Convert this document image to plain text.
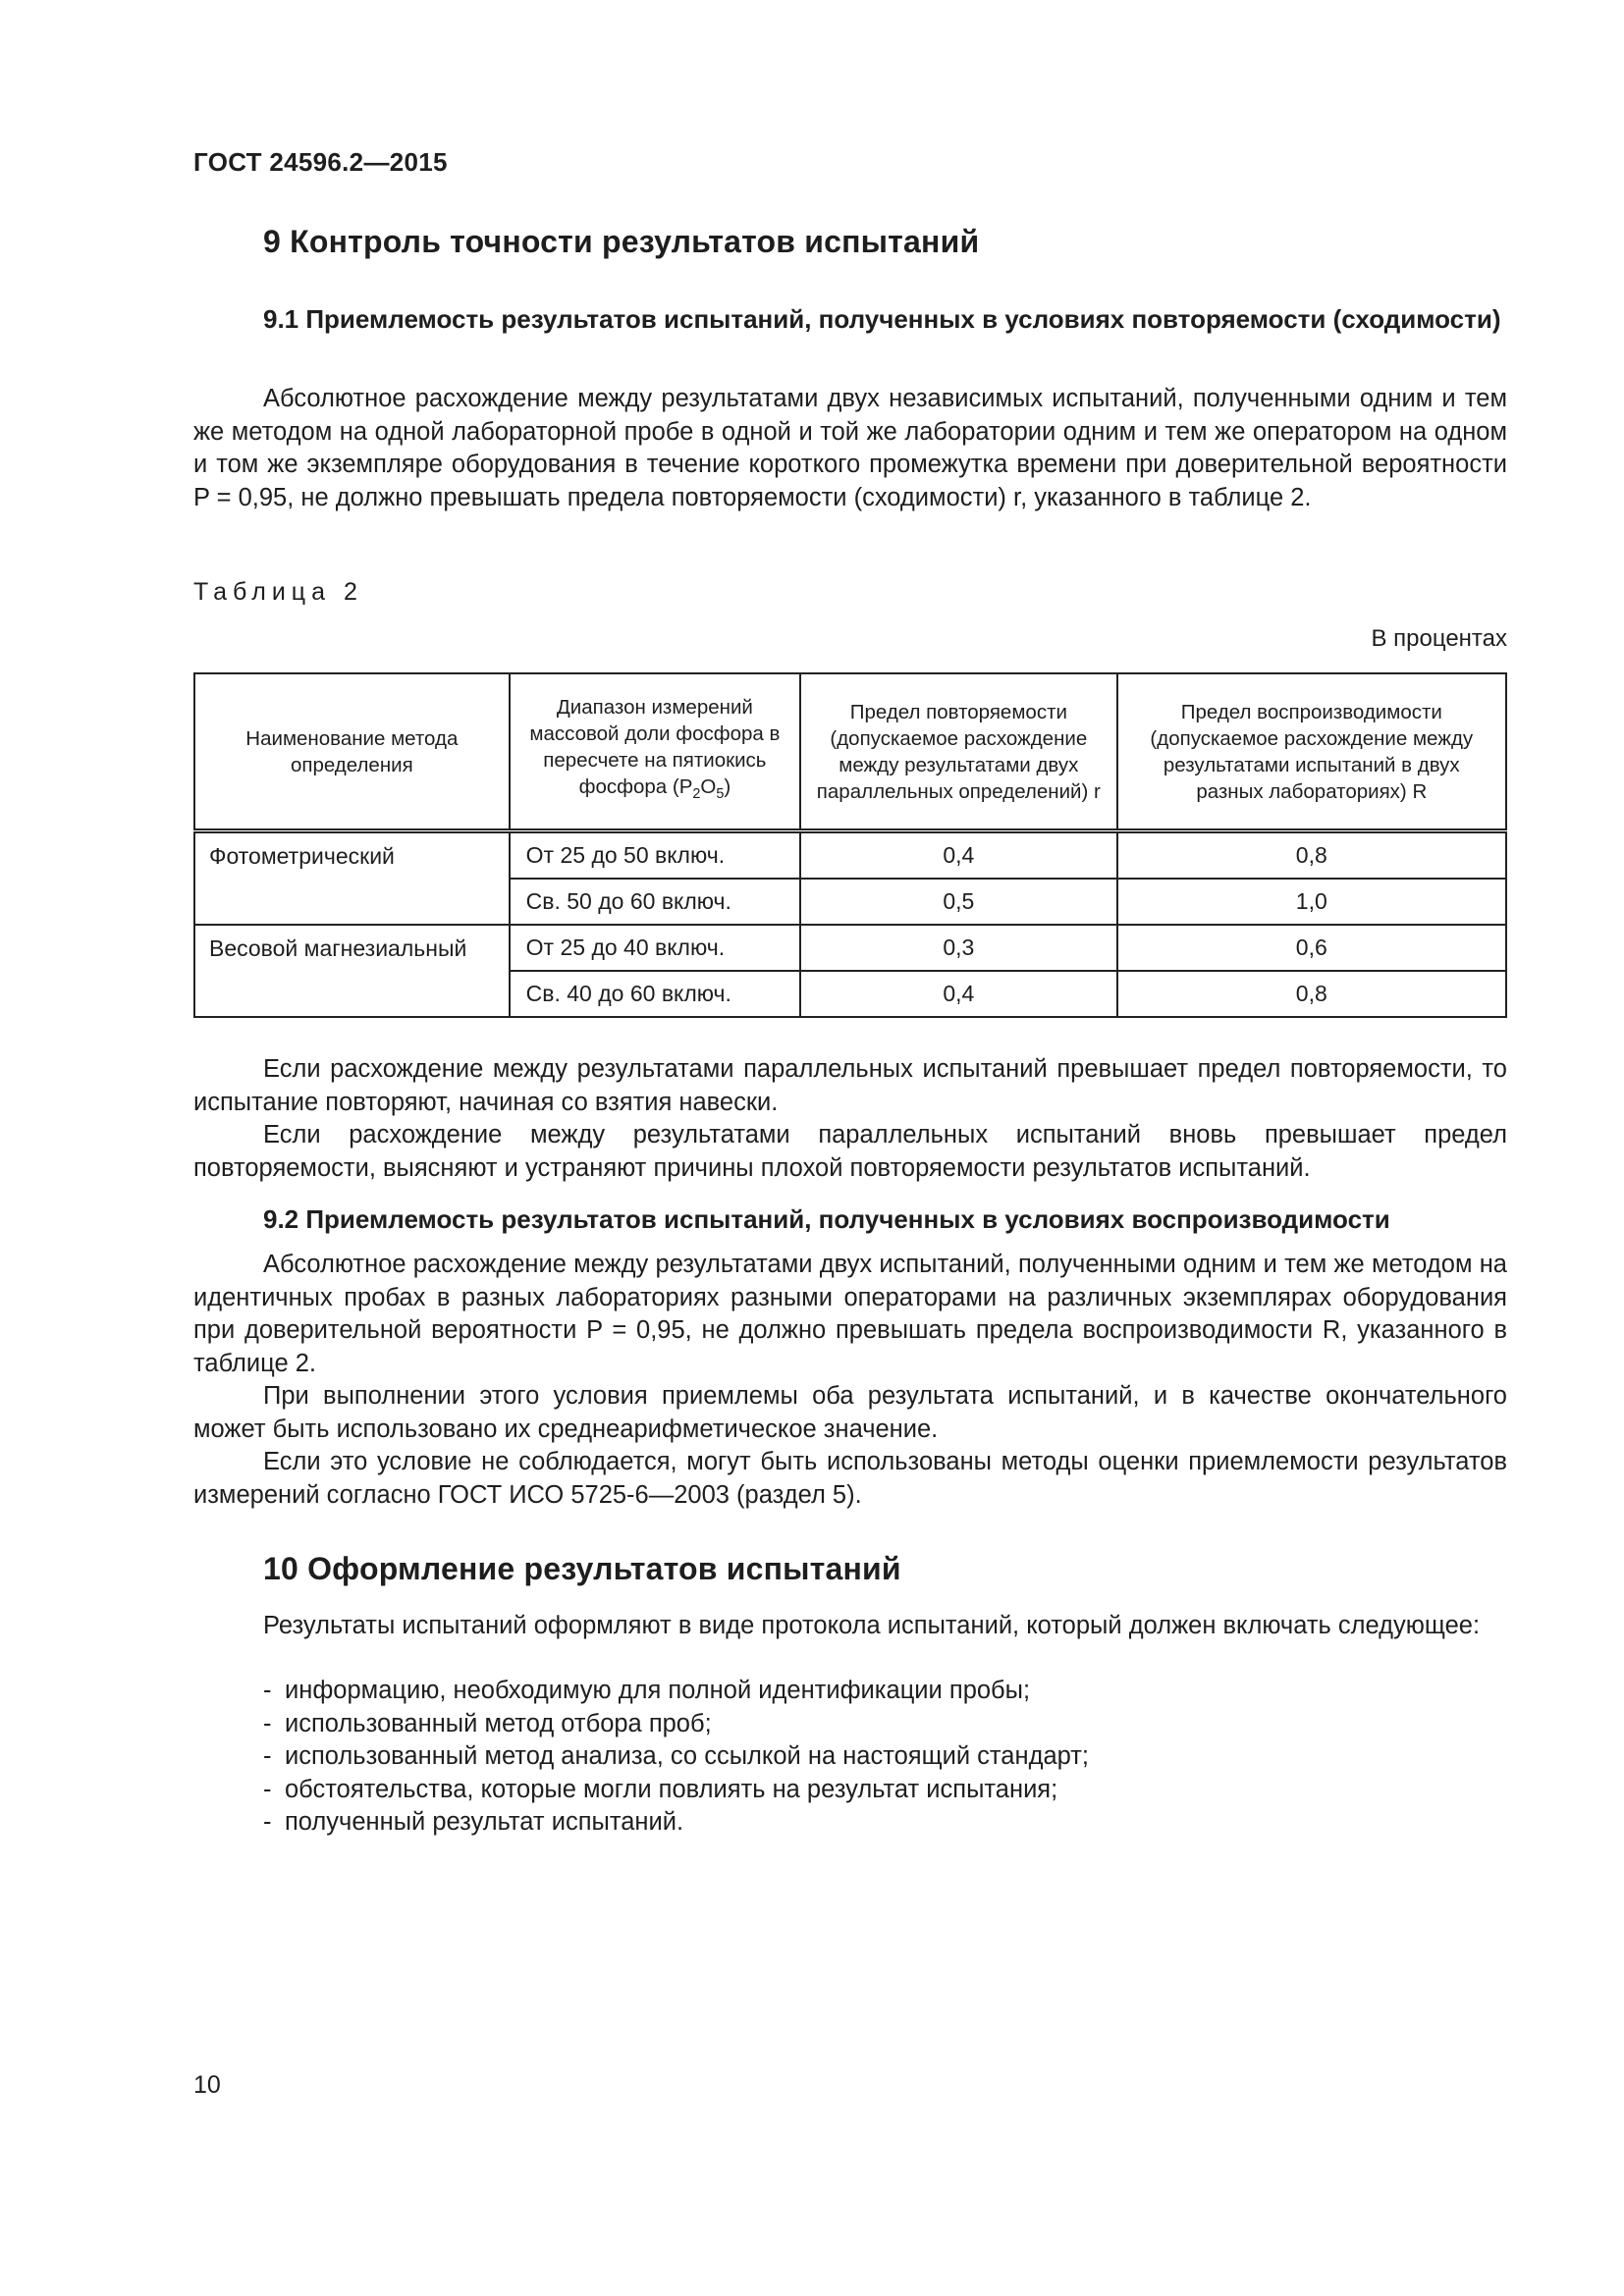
ГОСТ 24596.2—2015
9 Контроль точности результатов испытаний
9.1 Приемлемость результатов испытаний, полученных в условиях повторяемости (сходимости)

Абсолютное расхождение между результатами двух независимых испытаний, полученными одним и тем же методом на одной лабораторной пробе в одной и той же лаборатории одним и тем же оператором на одном и том же экземпляре оборудования в течение короткого промежутка времени при доверительной вероятности P = 0,95, не должно превышать предела повторяемости (сходимости) r, указанного в таблице 2.

Таблица 2
В процентах
Наименование метода определения	Диапазон измерений массовой доли фосфора в пересчете на пятиокись фосфора $(P_2O_5)$	Предел повторяемости (допускаемое расхождение между результатами двух параллельных определений) r	Предел воспроизводимости (допускаемое расхождение между результатами испытаний в двух разных лабораториях) R
Фотометрический	От 25 до 50 включ.	0,4	0,8
	Св. 50 до 60 включ.	0,5	1,0
Весовой магнезиальный	От 25 до 40 включ.	0,3	0,6
	Св. 40 до 60 включ.	0,4	0,8

Если расхождение между результатами параллельных испытаний превышает предел повторяемости, то испытание повторяют, начиная со взятия навески.

Если расхождение между результатами параллельных испытаний вновь превышает предел повторяемости, выясняют и устраняют причины плохой повторяемости результатов испытаний.

9.2 Приемлемость результатов испытаний, полученных в условиях воспроизводимости

Абсолютное расхождение между результатами двух испытаний, полученными одним и тем же методом на идентичных пробах в разных лабораториях разными операторами на различных экземплярах оборудования при доверительной вероятности P = 0,95, не должно превышать предела воспроизводимости R, указанного в таблице 2.

При выполнении этого условия приемлемы оба результата испытаний, и в качестве окончательного может быть использовано их среднеарифметическое значение.

Если это условие не соблюдается, могут быть использованы методы оценки приемлемости результатов измерений согласно ГОСТ ИСО 5725-6—2003 (раздел 5).

10 Оформление результатов испытаний

Результаты испытаний оформляют в виде протокола испытаний, который должен включать следующее:

- информацию, необходимую для полной идентификации пробы;
- использованный метод отбора проб;
- использованный метод анализа, со ссылкой на настоящий стандарт;
- обстоятельства, которые могли повлиять на результат испытания;
- полученный результат испытаний.
10
